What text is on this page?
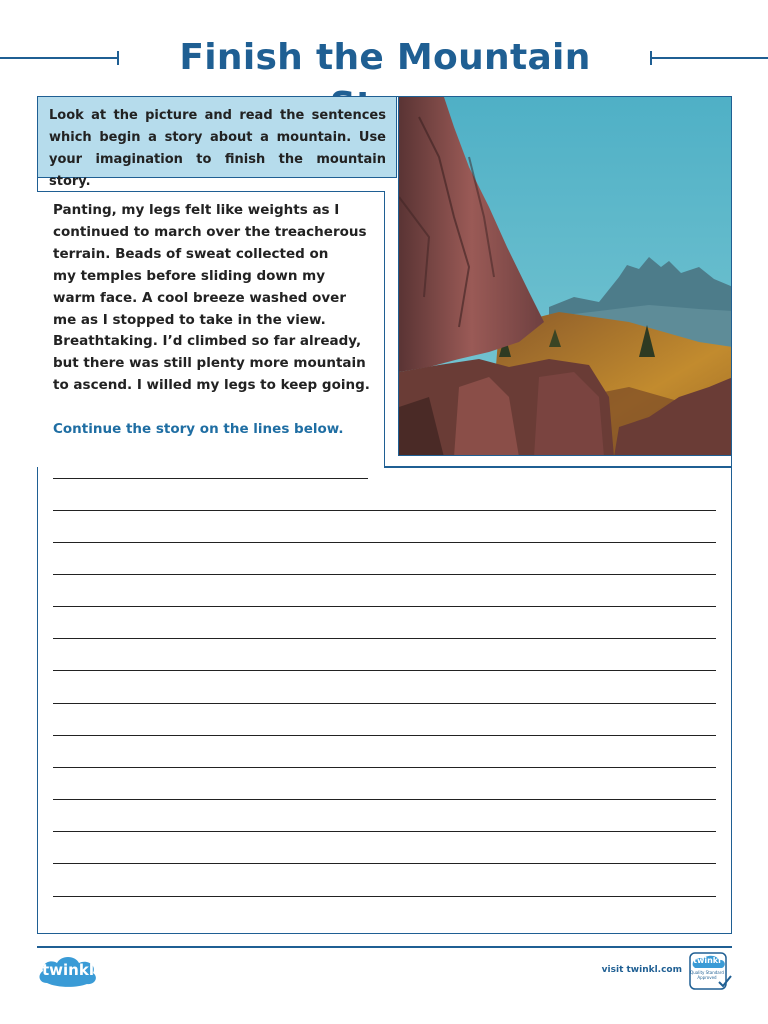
Finish the Mountain
Look at the picture and read the sentences which begin a story about a mountain. Use your imagination to finish the mountain story.
Panting, my legs felt like weights as I
continued to march over the treacherous
terrain. Beads of sweat collected on
my temples before sliding down my
warm face. A cool breeze washed over
me as I stopped to take in the view.
Breathtaking. I’d climbed so far already,
but there was still plenty more mountain
to ascend. I willed my legs to keep going.

Continue the story on the lines below.

twinkl	visit twinkl.com
twinkl
Quality Standard Approved
